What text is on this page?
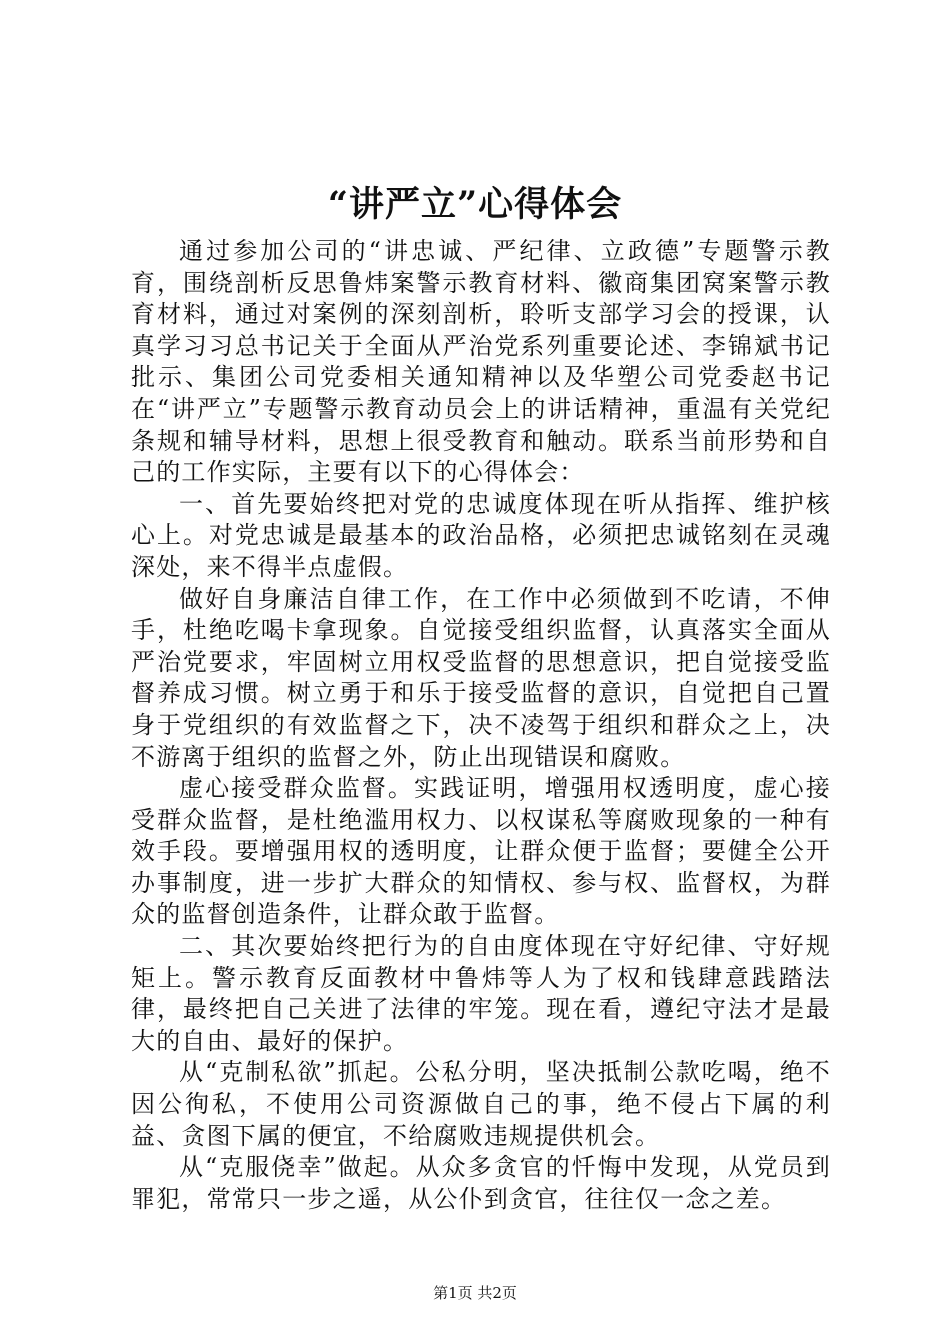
“讲严立”心得体会

通过参加公司的“讲忠诚、严纪律、立政德”专题警示教育，围绕剖析反思鲁炜案警示教育材料、徽商集团窝案警示教育材料，通过对案例的深刻剖析，聆听支部学习会的授课，认真学习习总书记关于全面从严治党系列重要论述、李锦斌书记批示、集团公司党委相关通知精神以及华塑公司党委赵书记在“讲严立”专题警示教育动员会上的讲话精神，重温有关党纪条规和辅导材料，思想上很受教育和触动。联系当前形势和自己的工作实际，主要有以下的心得体会：

一、首先要始终把对党的忠诚度体现在听从指挥、维护核心上。对党忠诚是最基本的政治品格，必须把忠诚铭刻在灵魂深处，来不得半点虚假。

做好自身廉洁自律工作，在工作中必须做到不吃请，不伸手，杜绝吃喝卡拿现象。自觉接受组织监督，认真落实全面从严治党要求，牢固树立用权受监督的思想意识，把自觉接受监督养成习惯。树立勇于和乐于接受监督的意识，自觉把自己置身于党组织的有效监督之下，决不凌驾于组织和群众之上，决不游离于组织的监督之外，防止出现错误和腐败。

虚心接受群众监督。实践证明，增强用权透明度，虚心接受群众监督，是杜绝滥用权力、以权谋私等腐败现象的一种有效手段。要增强用权的透明度，让群众便于监督；要健全公开办事制度，进一步扩大群众的知情权、参与权、监督权，为群众的监督创造条件，让群众敢于监督。

二、其次要始终把行为的自由度体现在守好纪律、守好规矩上。警示教育反面教材中鲁炜等人为了权和钱肆意践踏法律，最终把自己关进了法律的牢笼。现在看，遵纪守法才是最大的自由、最好的保护。

从“克制私欲”抓起。公私分明，坚决抵制公款吃喝，绝不因公徇私，不使用公司资源做自己的事，绝不侵占下属的利益、贪图下属的便宜，不给腐败违规提供机会。

从“克服侥幸”做起。从众多贪官的忏悔中发现，从党员到罪犯，常常只一步之遥，从公仆到贪官，往往仅一念之差。

第1页 共2页
